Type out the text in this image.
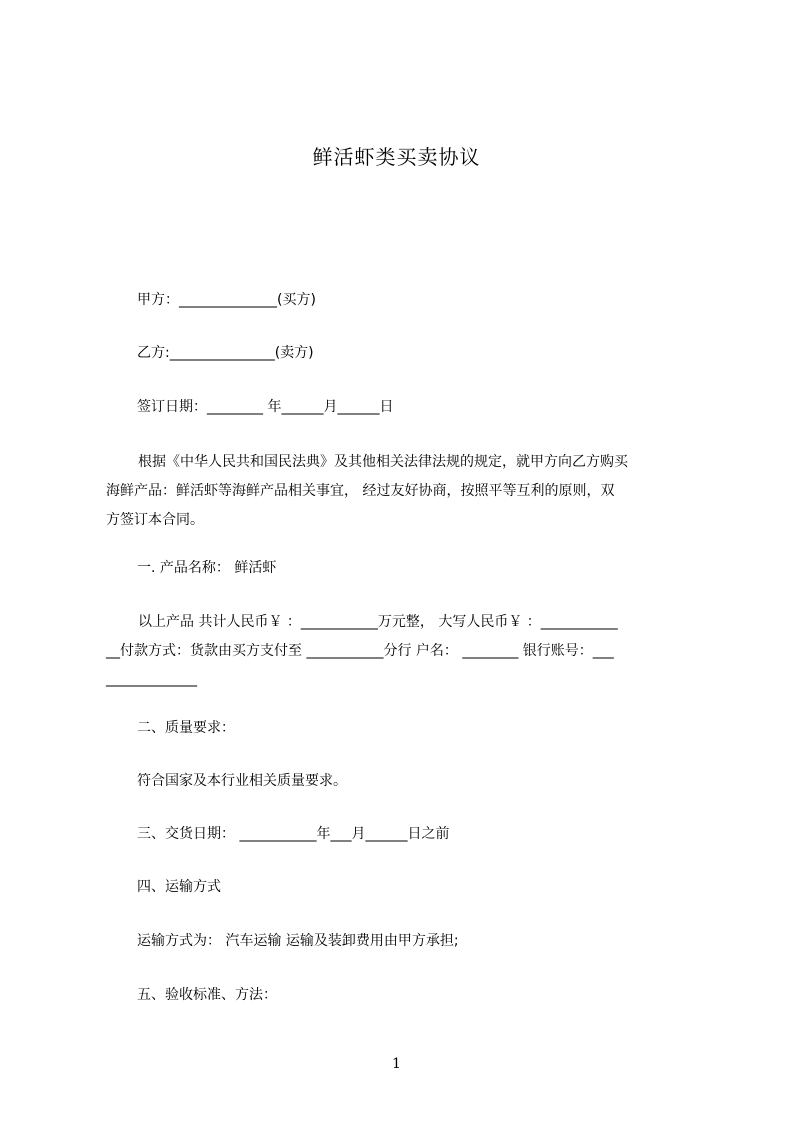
鲜活虾类买卖协议
甲方：______________(买方)
乙方:_______________(卖方)
签订日期：________ 年______月______日
根据《中华人民共和国民法典》及其他相关法律法规的规定，就甲方向乙方购买
海鲜产品：鲜活虾等海鲜产品相关事宜， 经过友好协商，按照平等互利的原则，双
方签订本合同。
一. 产品名称： 鲜活虾
以上产品 共计人民币￥ ：___________万元整， 大写人民币￥ ：___________
__付款方式：货款由买方支付至 ___________分行 户名： ________ 银行账号：___
_____________
二、质量要求：
符合国家及本行业相关质量要求。
三、交货日期： ___________年___月______日之前
四、运输方式
运输方式为： 汽车运输 运输及装卸费用由甲方承担;
五、验收标准、方法：
1
